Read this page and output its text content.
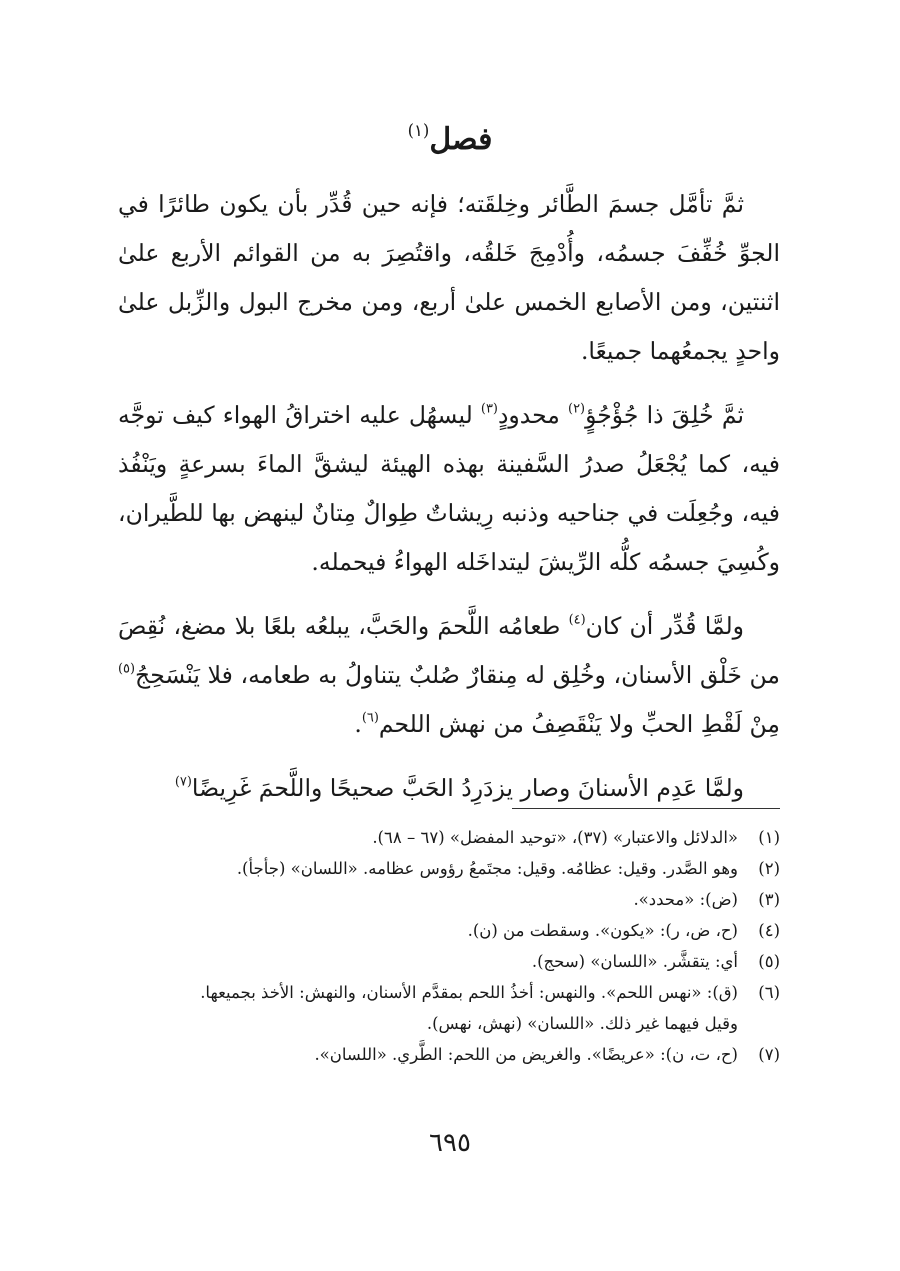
فصل$^{(١)}$

ثمَّ تأمَّل جسمَ الطَّائر وخِلقَته؛ فإنه حين قُدِّر بأن يكون طائرًا في الجوِّ خُفِّفَ جسمُه، وأُدْمِجَ خَلقُه، واقتُصِرَ به من القوائم الأربع علىٰ اثنتين، ومن الأصابع الخمس علىٰ أربع، ومن مخرج البول والزِّبل علىٰ واحدٍ يجمعُهما جميعًا.

ثمَّ خُلِقَ ذا جُؤْجُؤٍ$^{(٢)}$ محدودٍ$^{(٣)}$ ليسهُل عليه اختراقُ الهواء كيف توجَّه فيه، كما يُجْعَلُ صدرُ السَّفينة بهذه الهيئة ليشقَّ الماءَ بسرعةٍ ويَنْفُذ فيه، وجُعِلَت في جناحيه وذنبه رِيشاتٌ طِوالٌ مِتانٌ لينهض بها للطَّيران، وكُسِيَ جسمُه كلُّه الرِّيشَ ليتداخَله الهواءُ فيحمله.

ولمَّا قُدِّر أن كان$^{(٤)}$ طعامُه اللَّحمَ والحَبَّ، يبلعُه بلعًا بلا مضغ، نُقِصَ من خَلْق الأسنان، وخُلِق له مِنقارٌ صُلبٌ يتناولُ به طعامه، فلا يَنْسَحِجُ$^{(٥)}$ مِنْ لَقْطِ الحبِّ ولا يَنْقَصِفُ من نهش اللحم$^{(٦)}$.

ولمَّا عَدِم الأسنانَ وصار يزدَرِدُ الحَبَّ صحيحًا واللَّحمَ غَرِيضًا$^{(٧)}$

(١)
«الدلائل والاعتبار» (٣٧)، «توحيد المفضل» (٦٧ – ٦٨).
(٢)
وهو الصَّدر. وقيل: عظامُه. وقيل: مجتَمعُ رؤوس عظامه. «اللسان» (جأجأ).
(٣)
(ض): «محدد».
(٤)
(ح، ض، ر): «يكون». وسقطت من (ن).
(٥)
أي: يتقشَّر. «اللسان» (سحج).
(٦)
(ق): «نهس اللحم». والنهس: أخذُ اللحم بمقدَّم الأسنان، والنهش: الأخذ بجميعها.
وقيل فيهما غير ذلك. «اللسان» (نهش، نهس).
(٧)
(ح، ت، ن): «عريضًا». والغريض من اللحم: الطَّري. «اللسان».
٦٩٥
